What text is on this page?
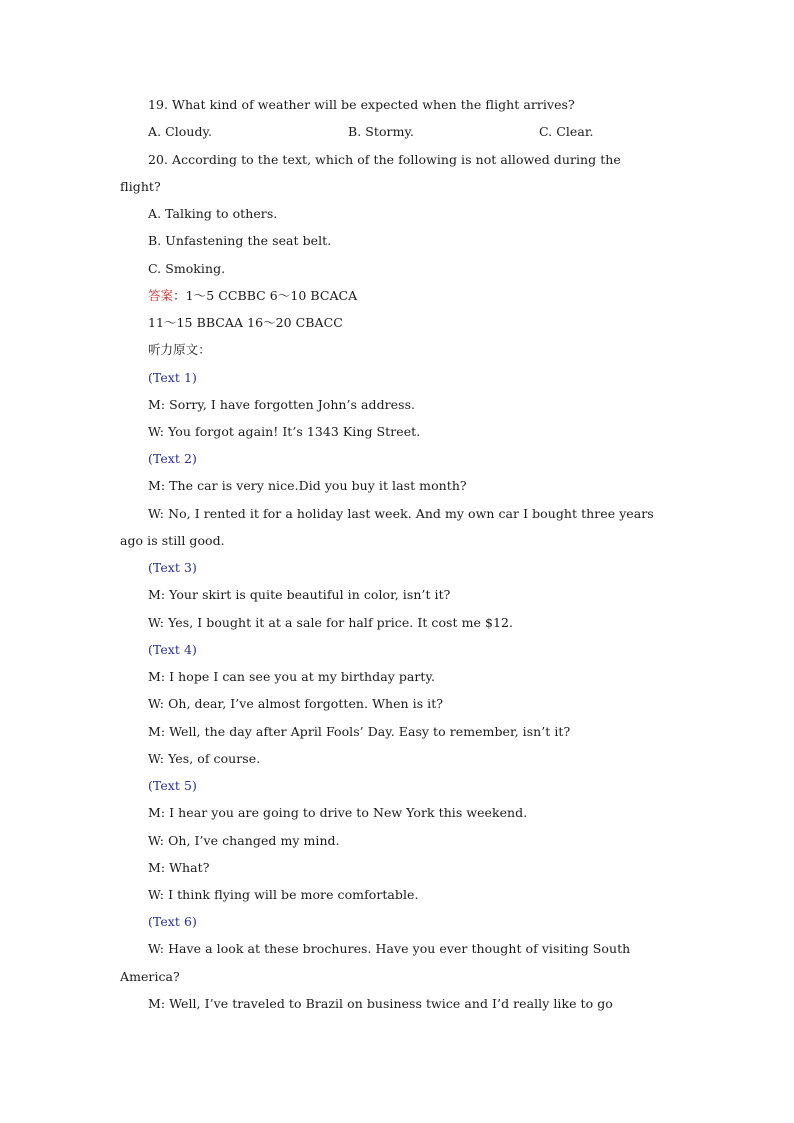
19. What kind of weather will be expected when the flight arrives?
A. Cloudy.	B. Stormy.	C. Clear.
20. According to the text, which of the following is not allowed during the
flight?
A. Talking to others.
B. Unfastening the seat belt.
C. Smoking.
答案：1～5 CCBBC 6～10 BCACA
11～15 BBCAA 16～20 CBACC
听力原文：
(Text 1)
M: Sorry, I have forgotten John’s address.
W: You forgot again! It’s 1343 King Street.
(Text 2)
M: The car is very nice.Did you buy it last month?
W: No, I rented it for a holiday last week. And my own car I bought three years
ago is still good.
(Text 3)
M: Your skirt is quite beautiful in color, isn’t it?
W: Yes, I bought it at a sale for half price. It cost me $12.
(Text 4)
M: I hope I can see you at my birthday party.
W: Oh, dear, I’ve almost forgotten. When is it?
M: Well, the day after April Fools’ Day. Easy to remember, isn’t it?
W: Yes, of course.
(Text 5)
M: I hear you are going to drive to New York this weekend.
W: Oh, I’ve changed my mind.
M: What?
W: I think flying will be more comfortable.
(Text 6)
W: Have a look at these brochures. Have you ever thought of visiting South
America?
M: Well, I’ve traveled to Brazil on business twice and I’d really like to go
